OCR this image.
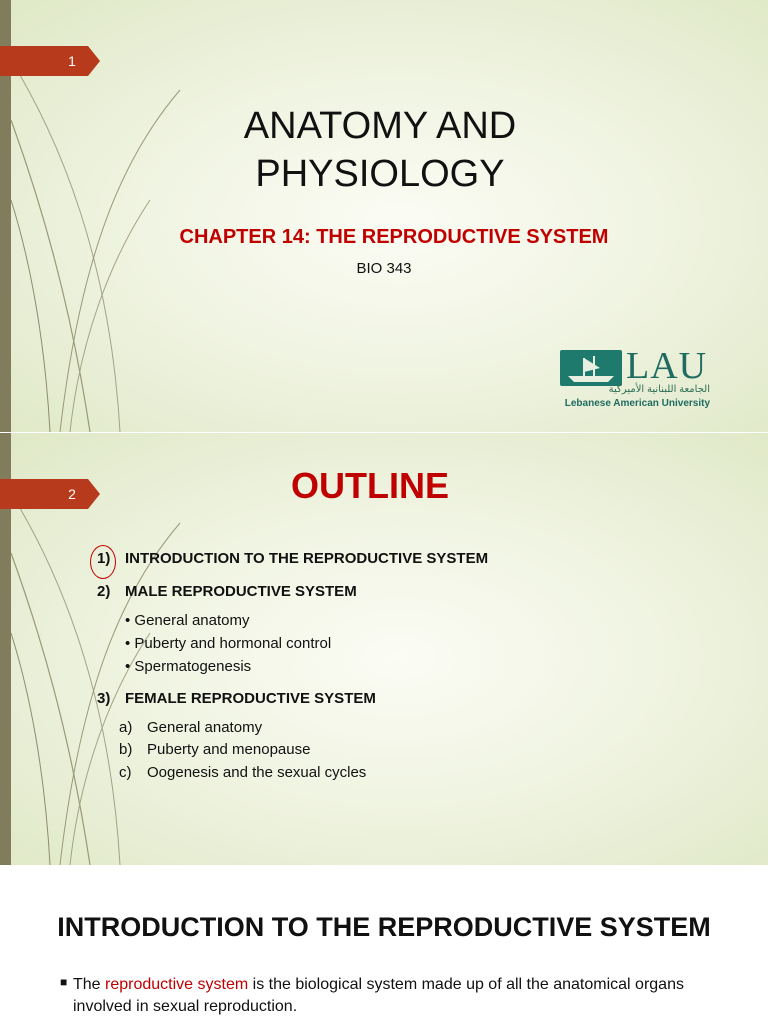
1
ANATOMY AND
PHYSIOLOGY
CHAPTER 14: THE REPRODUCTIVE SYSTEM
BIO 343
LAU
الجامعة اللبنانية الأميركية
Lebanese American University
2	OUTLINE
1) INTRODUCTION TO THE REPRODUCTIVE SYSTEM
2) MALE REPRODUCTIVE SYSTEM
• General anatomy
• Puberty and hormonal control
• Spermatogenesis
3) FEMALE REPRODUCTIVE SYSTEM
a) General anatomy
b) Puberty and menopause
c) Oogenesis and the sexual cycles
INTRODUCTION TO THE REPRODUCTIVE SYSTEM
■ The reproductive system is the biological system made up of all the anatomical organs involved in sexual reproduction.
